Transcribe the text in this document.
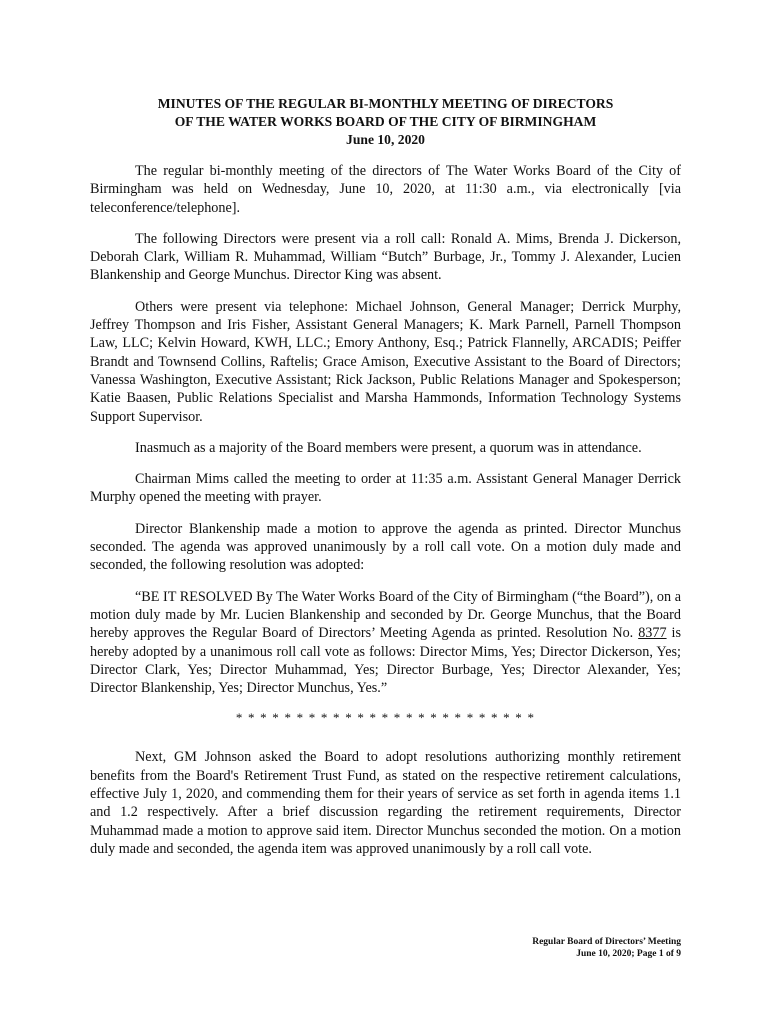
MINUTES OF THE REGULAR BI-MONTHLY MEETING OF DIRECTORS
OF THE WATER WORKS BOARD OF THE CITY OF BIRMINGHAM
June 10, 2020

The regular bi-monthly meeting of the directors of The Water Works Board of the City of Birmingham was held on Wednesday, June 10, 2020, at 11:30 a.m., via electronically [via teleconference/telephone].

The following Directors were present via a roll call: Ronald A. Mims, Brenda J. Dickerson, Deborah Clark, William R. Muhammad, William “Butch” Burbage, Jr., Tommy J. Alexander, Lucien Blankenship and George Munchus. Director King was absent.

Others were present via telephone: Michael Johnson, General Manager; Derrick Murphy, Jeffrey Thompson and Iris Fisher, Assistant General Managers; K. Mark Parnell, Parnell Thompson Law, LLC; Kelvin Howard, KWH, LLC.; Emory Anthony, Esq.; Patrick Flannelly, ARCADIS; Peiffer Brandt and Townsend Collins, Raftelis; Grace Amison, Executive Assistant to the Board of Directors; Vanessa Washington, Executive Assistant; Rick Jackson, Public Relations Manager and Spokesperson; Katie Baasen, Public Relations Specialist and Marsha Hammonds, Information Technology Systems Support Supervisor.

Inasmuch as a majority of the Board members were present, a quorum was in attendance.

Chairman Mims called the meeting to order at 11:35 a.m. Assistant General Manager Derrick Murphy opened the meeting with prayer.

Director Blankenship made a motion to approve the agenda as printed. Director Munchus seconded. The agenda was approved unanimously by a roll call vote. On a motion duly made and seconded, the following resolution was adopted:

“BE IT RESOLVED By The Water Works Board of the City of Birmingham (“the Board”), on a motion duly made by Mr. Lucien Blankenship and seconded by Dr. George Munchus, that the Board hereby approves the Regular Board of Directors’ Meeting Agenda as printed. Resolution No. 8377 is hereby adopted by a unanimous roll call vote as follows: Director Mims, Yes; Director Dickerson, Yes; Director Clark, Yes; Director Muhammad, Yes; Director Burbage, Yes; Director Alexander, Yes; Director Blankenship, Yes; Director Munchus, Yes.”

* * * * * * * * * * * * * * * * * * * * * * * * *

Next, GM Johnson asked the Board to adopt resolutions authorizing monthly retirement benefits from the Board's Retirement Trust Fund, as stated on the respective retirement calculations, effective July 1, 2020, and commending them for their years of service as set forth in agenda items 1.1 and 1.2 respectively. After a brief discussion regarding the retirement requirements, Director Muhammad made a motion to approve said item. Director Munchus seconded the motion. On a motion duly made and seconded, the agenda item was approved unanimously by a roll call vote.

Regular Board of Directors’ Meeting
June 10, 2020; Page 1 of 9
